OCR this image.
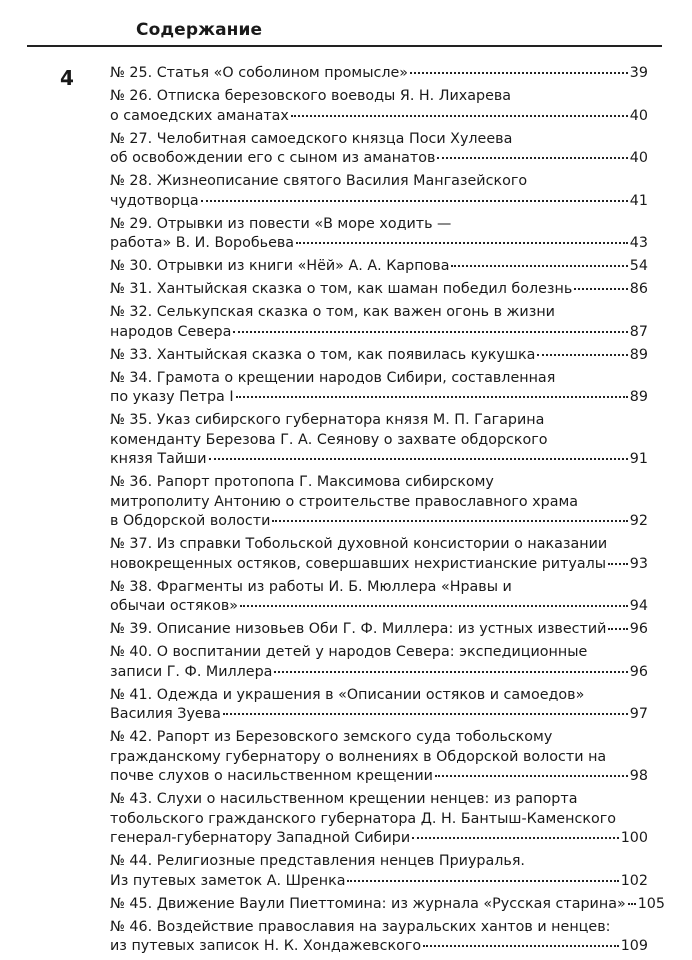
Содержание
4	№ 25. Статья «О соболином промысле»	39
№ 26. Отписка березовского воеводы Я. Н. Лихарева
о самоедских аманатах	40
№ 27. Челобитная самоедского князца Поси Хулеева
об освобождении его с сыном из аманатов	40
№ 28. Жизнеописание святого Василия Мангазейского
чудотворца	41
№ 29. Отрывки из повести «В море ходить —
работа» В. И. Воробьева	43
№ 30. Отрывки из книги «Нёй» А. А. Карпова	54
№ 31. Хантыйская сказка о том, как шаман победил болезнь	86
№ 32. Селькупская сказка о том, как важен огонь в жизни
народов Севера	87
№ 33. Хантыйская сказка о том, как появилась кукушка	89
№ 34. Грамота о крещении народов Сибири, составленная
по указу Петра I	89
№ 35. Указ сибирского губернатора князя М. П. Гагарина
коменданту Березова Г. А. Сеянову о захвате обдорского
князя Тайши	91
№ 36. Рапорт протопопа Г. Максимова сибирскому
митрополиту Антонию о строительстве православного храма
в Обдорской волости	92
№ 37. Из справки Тобольской духовной консистории о наказании
новокрещенных остяков, совершавших нехристианские ритуалы 93
№ 38. Фрагменты из работы И. Б. Мюллера «Нравы и
обычаи остяков»	94
№ 39. Описание низовьев Оби Г. Ф. Миллера: из устных известий 96
№ 40. О воспитании детей у народов Севера: экспедиционные
записи Г. Ф. Миллера	96
№ 41. Одежда и украшения в «Описании остяков и самоедов»
Василия Зуева	97
№ 42. Рапорт из Березовского земского суда тобольскому
гражданскому губернатору о волнениях в Обдорской волости на
почве слухов о насильственном крещении	98
№ 43. Слухи о насильственном крещении ненцев: из рапорта
тобольского гражданского губернатора Д. Н. Бантыш-Каменского
генерал-губернатору Западной Сибири	100
№ 44. Религиозные представления ненцев Приуралья.
Из путевых заметок А. Шренка	102
№ 45. Движение Ваули Пиеттомина: из журнала «Русская старина» 105
№ 46. Воздействие православия на зауральских хантов и ненцев:
из путевых записок Н. К. Хондажевского	109
